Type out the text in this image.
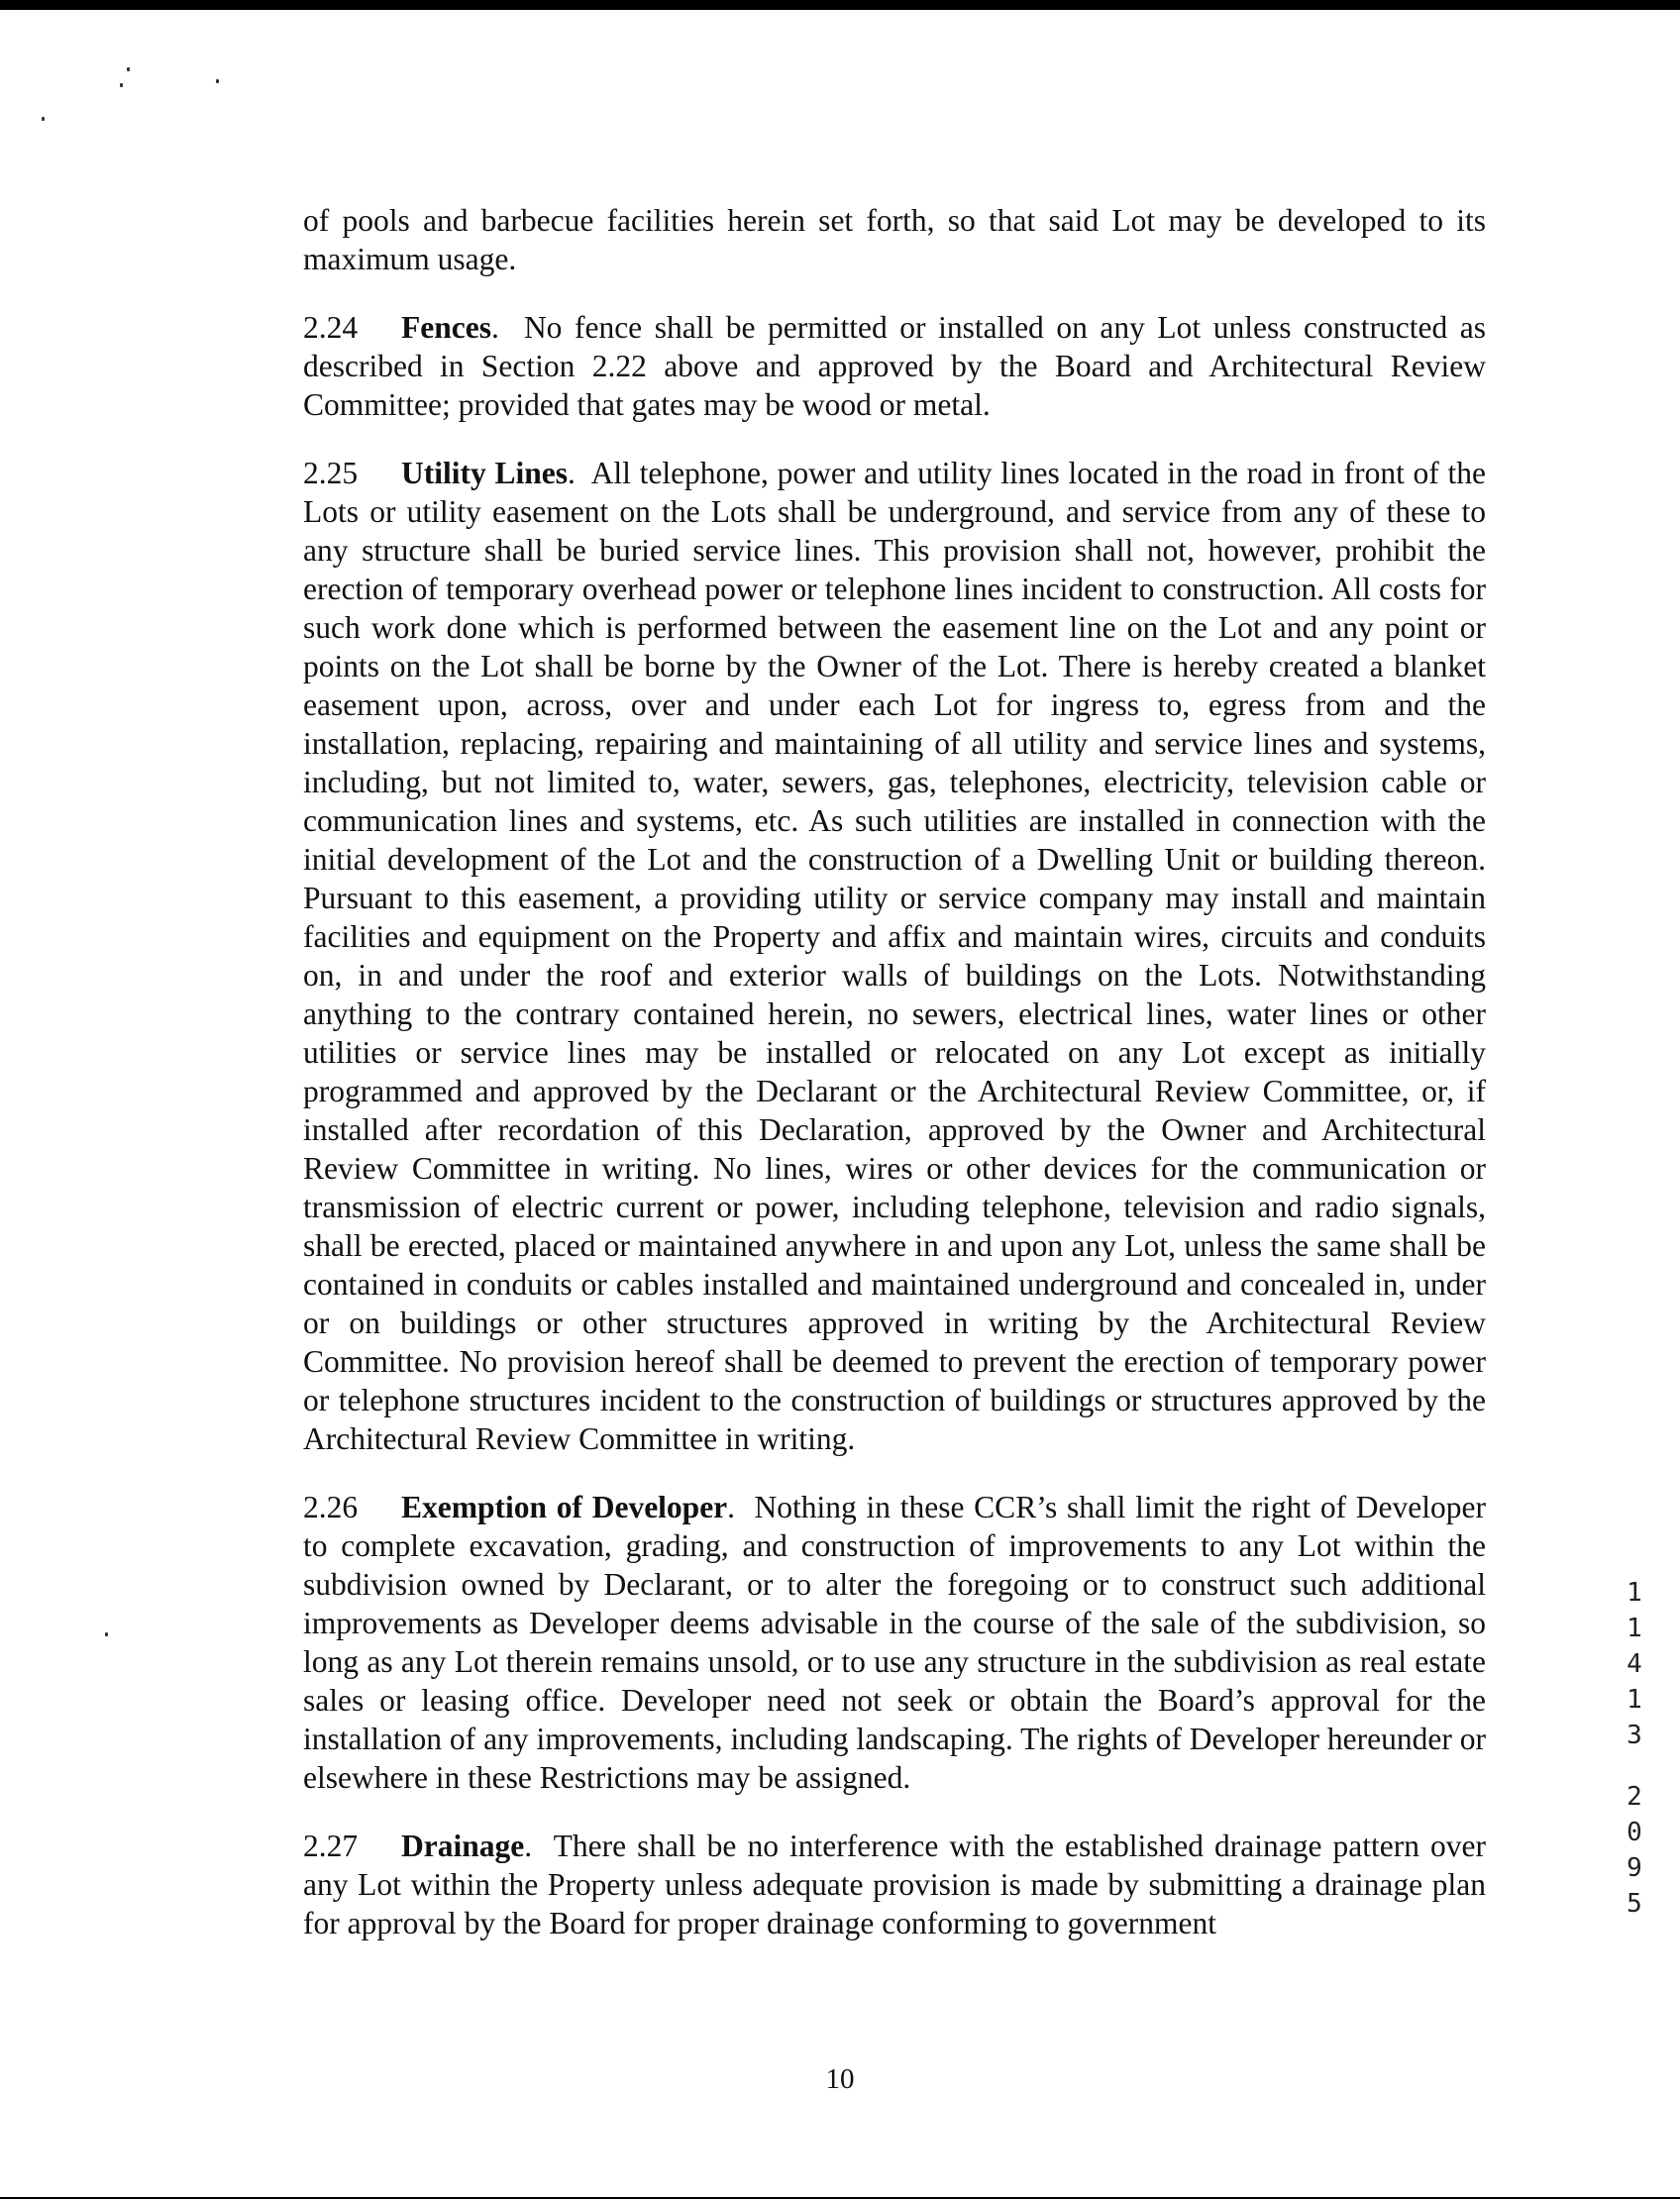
of pools and barbecue facilities herein set forth, so that said Lot may be developed to its maximum usage.

2.24 Fences.  No fence shall be permitted or installed on any Lot unless constructed as described in Section 2.22 above and approved by the Board and Architectural Review Committee; provided that gates may be wood or metal.

2.25 Utility Lines.  All telephone, power and utility lines located in the road in front of the Lots or utility easement on the Lots shall be underground, and service from any of these to any structure shall be buried service lines. This provision shall not, however, prohibit the erection of temporary overhead power or telephone lines incident to construction. All costs for such work done which is performed between the easement line on the Lot and any point or points on the Lot shall be borne by the Owner of the Lot. There is hereby created a blanket easement upon, across, over and under each Lot for ingress to, egress from and the installation, replacing, repairing and maintaining of all utility and service lines and systems, including, but not limited to, water, sewers, gas, telephones, electricity, television cable or communication lines and systems, etc. As such utilities are installed in connection with the initial development of the Lot and the construction of a Dwelling Unit or building thereon. Pursuant to this easement, a providing utility or service company may install and maintain facilities and equipment on the Property and affix and maintain wires, circuits and conduits on, in and under the roof and exterior walls of buildings on the Lots. Notwithstanding anything to the contrary contained herein, no sewers, electrical lines, water lines or other utilities or service lines may be installed or relocated on any Lot except as initially programmed and approved by the Declarant or the Architectural Review Committee, or, if installed after recordation of this Declaration, approved by the Owner and Architectural Review Committee in writing. No lines, wires or other devices for the communication or transmission of electric current or power, including telephone, television and radio signals, shall be erected, placed or maintained anywhere in and upon any Lot, unless the same shall be contained in conduits or cables installed and maintained underground and concealed in, under or on buildings or other structures approved in writing by the Architectural Review Committee. No provision hereof shall be deemed to prevent the erection of temporary power or telephone structures incident to the construction of buildings or structures approved by the Architectural Review Committee in writing.

2.26 Exemption of Developer.  Nothing in these CCR’s shall limit the right of Developer to complete excavation, grading, and construction of improvements to any Lot within the subdivision owned by Declarant, or to alter the foregoing or to construct such additional improvements as Developer deems advisable in the course of the sale of the subdivision, so long as any Lot therein remains unsold, or to use any structure in the subdivision as real estate sales or leasing office. Developer need not seek or obtain the Board’s approval for the installation of any improvements, including landscaping. The rights of Developer hereunder or elsewhere in these Restrictions may be assigned.

2.27 Drainage.  There shall be no interference with the established drainage pattern over any Lot within the Property unless adequate provision is made by submitting a drainage plan for approval by the Board for proper drainage conforming to government

1
1
4
1
3
2
0
9
5
10
